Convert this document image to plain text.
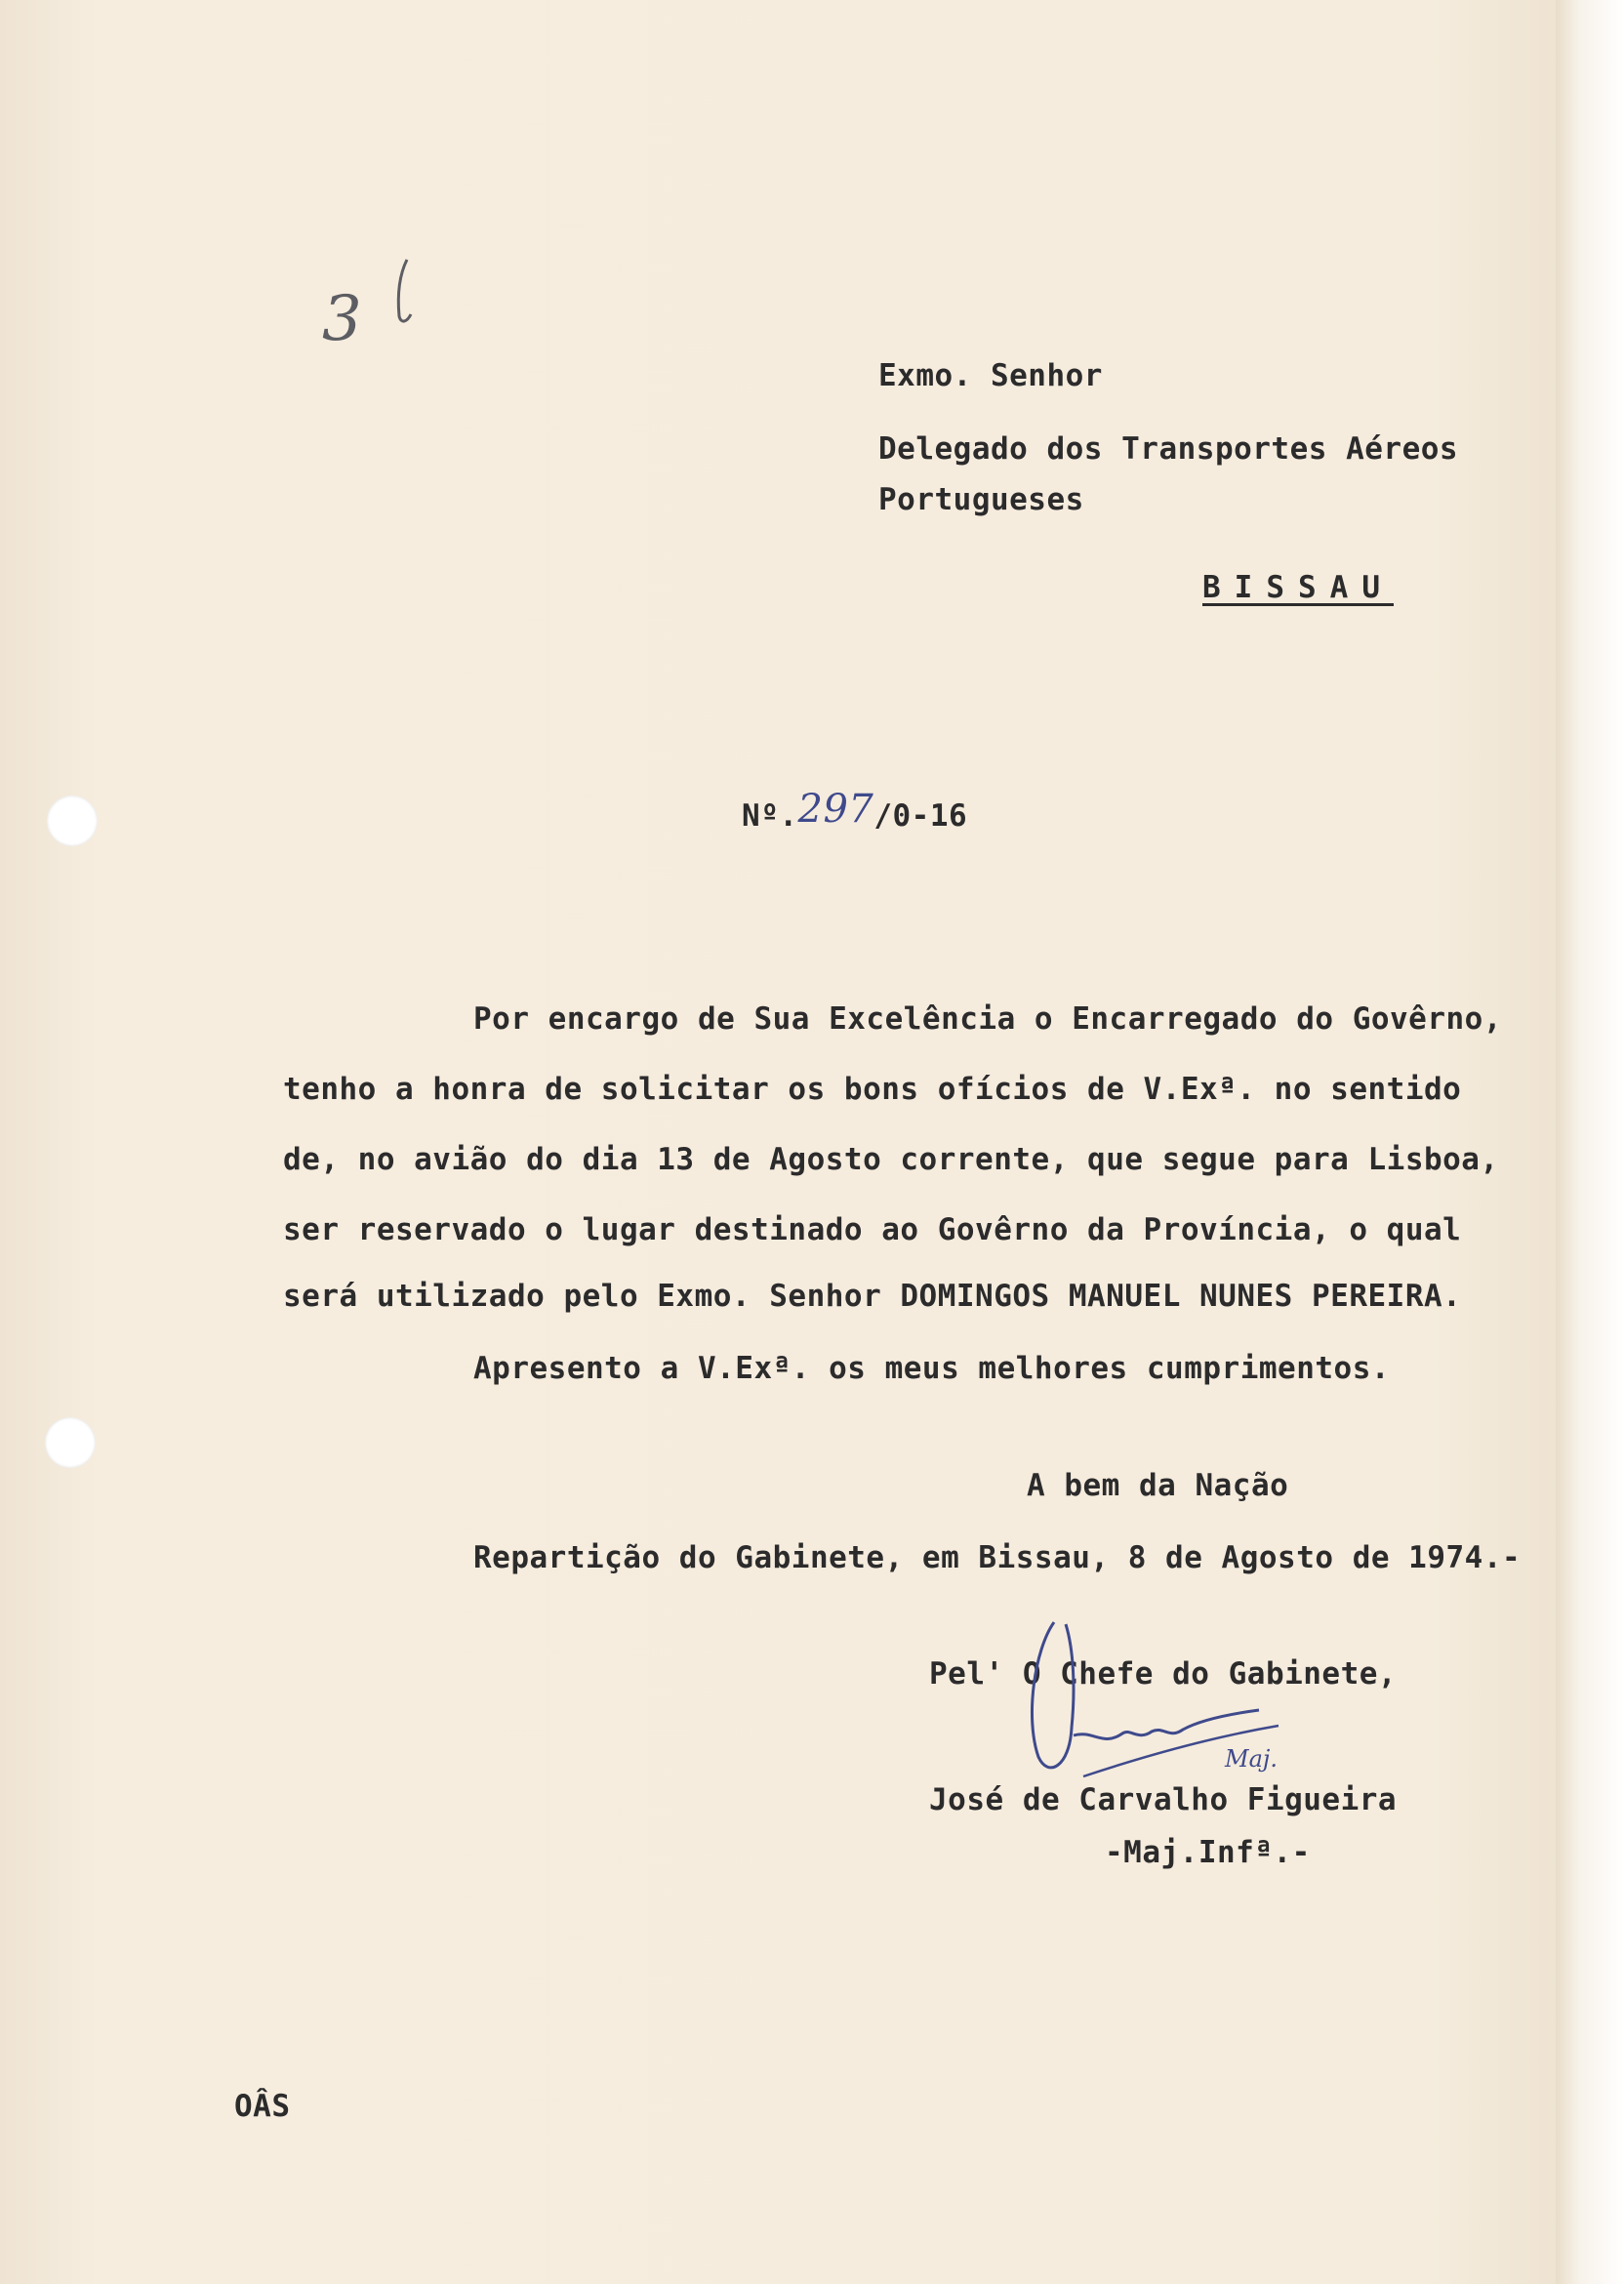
3

Exmo. Senhor

Delegado dos Transportes Aéreos

Portugueses

BISSAU

Nº.297/0-16

Por encargo de Sua Excelência o Encarregado do Govêrno,

tenho a honra de solicitar os bons ofícios de V.Exª. no sentido

de, no avião do dia 13 de Agosto corrente, que segue para Lisboa,

ser reservado o lugar destinado ao Govêrno da Província, o qual

será utilizado pelo Exmo. Senhor DOMINGOS MANUEL NUNES PEREIRA.

Apresento a V.Exª. os meus melhores cumprimentos.

A bem da Nação

Repartição do Gabinete, em Bissau, 8 de Agosto de 1974.-

Pel' O Chefe do Gabinete,

Maj.

José de Carvalho Figueira

-Maj.Infª.-

OÂS
